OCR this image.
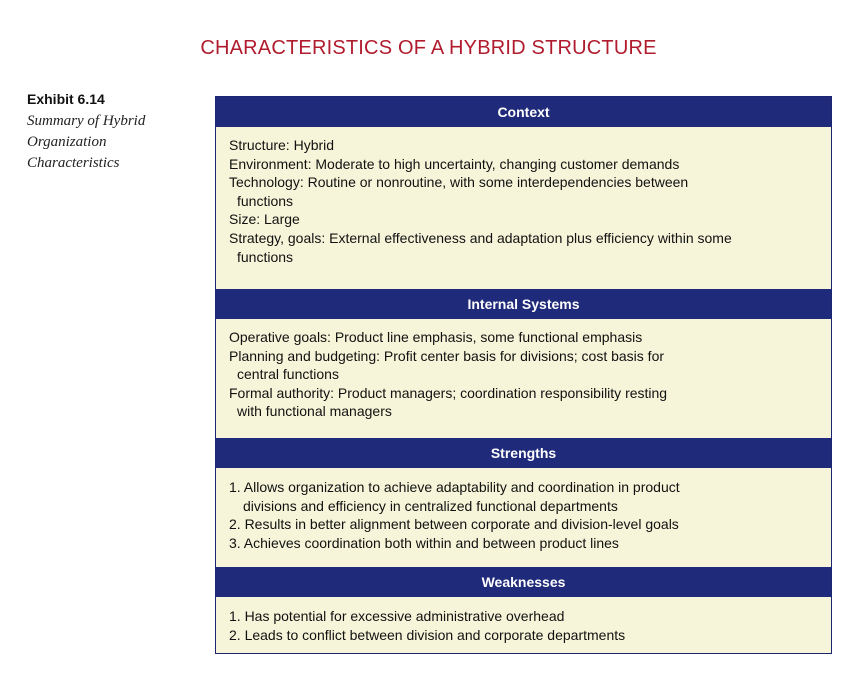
CHARACTERISTICS OF A HYBRID STRUCTURE
Exhibit 6.14
Summary of Hybrid
Organization
Characteristics
Context
Structure: Hybrid
Environment: Moderate to high uncertainty, changing customer demands
Technology: Routine or nonroutine, with some interdependencies between
functions
Size: Large
Strategy, goals: External effectiveness and adaptation plus efficiency within some
functions
Internal Systems
Operative goals: Product line emphasis, some functional emphasis
Planning and budgeting: Profit center basis for divisions; cost basis for
central functions
Formal authority: Product managers; coordination responsibility resting
with functional managers
Strengths
1. Allows organization to achieve adaptability and coordination in product
divisions and efficiency in centralized functional departments
2. Results in better alignment between corporate and division-level goals
3. Achieves coordination both within and between product lines
Weaknesses
1. Has potential for excessive administrative overhead
2. Leads to conflict between division and corporate departments
